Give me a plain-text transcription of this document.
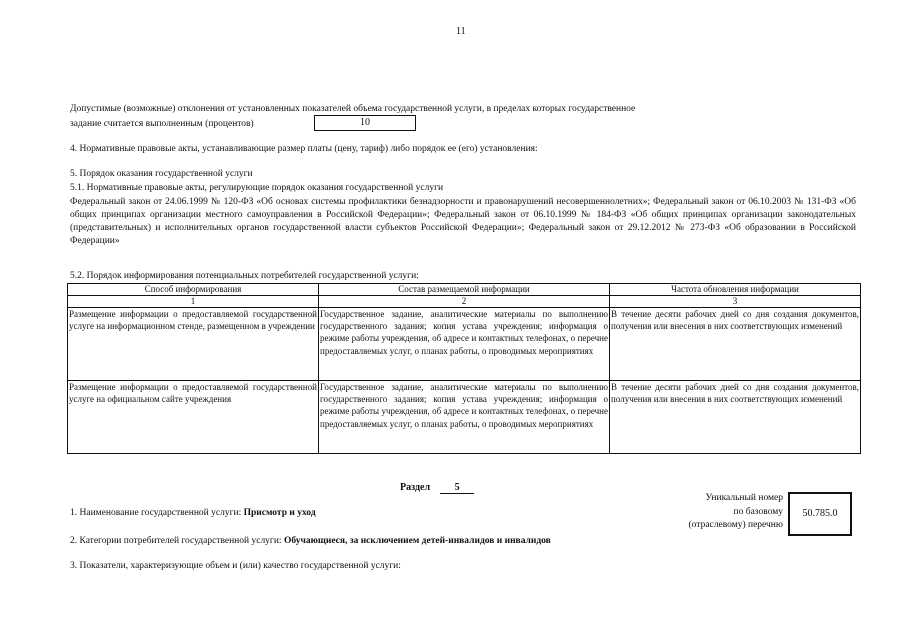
11
Допустимые (возможные) отклонения от установленных показателей объема государственной услуги, в пределах которых государственное
задание считается выполненным (процентов)	10
4. Нормативные правовые акты, устанавливающие размер платы (цену, тариф) либо порядок ее (его) установления:
5. Порядок оказания государственной услуги
5.1. Нормативные правовые акты, регулирующие порядок оказания государственной услуги
Федеральный закон от 24.06.1999 № 120-ФЗ «Об основах системы профилактики безнадзорности и правонарушений несовершеннолетних»; Федеральный закон от 06.10.2003 № 131-ФЗ «Об общих принципах организации местного самоуправления в Российской Федерации»; Федеральный закон от 06.10.1999 № 184-ФЗ «Об общих принципах организации законодательных (представительных) и исполнительных органов государственной власти субъектов Российской Федерации»; Федеральный закон от 29.12.2012 № 273-ФЗ «Об образовании в Российской Федерации»
5.2. Порядок информирования потенциальных потребителей государственной услуги:
Способ информирования	Состав размещаемой информации	Частота обновления информации
1	2	3
Размещение информации о предоставляемой государственной услуге на информационном стенде, размещенном в учреждении	Государственное задание, аналитические материалы по выполнению государственного задания; копия устава учреждения; информация о режиме работы учреждения, об адресе и контактных телефонах, о перечне предоставляемых услуг, о планах работы, о проводимых мероприятиях	В течение десяти рабочих дней со дня создания документов, получения или внесения в них соответствующих изменений
Размещение информации о предоставляемой государственной услуге на официальном сайте учреждения	Государственное задание, аналитические материалы по выполнению государственного задания; копия устава учреждения; информация о режиме работы учреждения, об адресе и контактных телефонах, о перечне предоставляемых услуг, о планах работы, о проводимых мероприятиях	В течение десяти рабочих дней со дня создания документов, получения или внесения в них соответствующих изменений
Раздел 5
Уникальный номер
по базовому
(отраслевому) перечню
50.785.0
1. Наименование государственной услуги: Присмотр и уход
2. Категории потребителей государственной услуги: Обучающиеся, за исключением детей-инвалидов и инвалидов
3. Показатели, характеризующие объем и (или) качество государственной услуги:
